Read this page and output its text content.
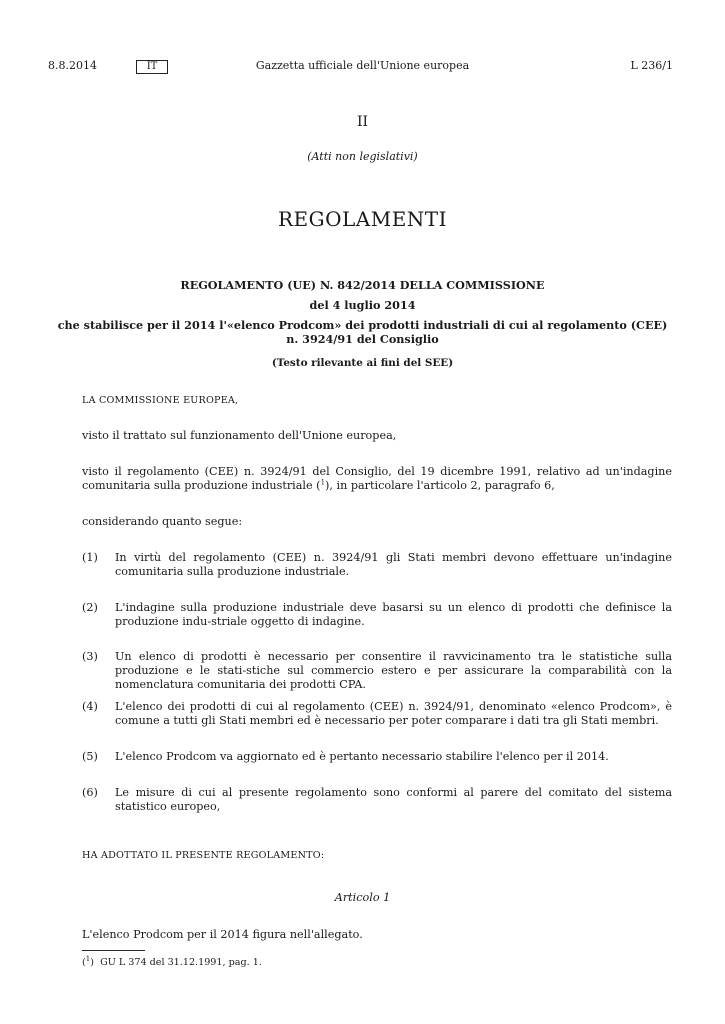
8.8.2014	IT	Gazzetta ufficiale dell'Unione europea	L 236/1
II
(Atti non legislativi)
REGOLAMENTI
REGOLAMENTO (UE) N. 842/2014 DELLA COMMISSIONE
del 4 luglio 2014
che stabilisce per il 2014 l'«elenco Prodcom» dei prodotti industriali di cui al regolamento (CEE)
n. 3924/91 del Consiglio
(Testo rilevante ai fini del SEE)
LA COMMISSIONE EUROPEA,
visto il trattato sul funzionamento dell'Unione europea,
visto il regolamento (CEE) n. 3924/91 del Consiglio, del 19 dicembre 1991, relativo ad un'indagine comunitaria sulla produzione industriale ($^1$), in particolare l'articolo 2, paragrafo 6,
considerando quanto segue:
(1) In virtù del regolamento (CEE) n. 3924/91 gli Stati membri devono effettuare un'indagine comunitaria sulla produzione industriale.
(2) L'indagine sulla produzione industriale deve basarsi su un elenco di prodotti che definisce la produzione indu-striale oggetto di indagine.
(3) Un elenco di prodotti è necessario per consentire il ravvicinamento tra le statistiche sulla produzione e le stati-stiche sul commercio estero e per assicurare la comparabilità con la nomenclatura comunitaria dei prodotti CPA.
(4) L'elenco dei prodotti di cui al regolamento (CEE) n. 3924/91, denominato «elenco Prodcom», è comune a tutti gli Stati membri ed è necessario per poter comparare i dati tra gli Stati membri.
(5) L'elenco Prodcom va aggiornato ed è pertanto necessario stabilire l'elenco per il 2014.
(6) Le misure di cui al presente regolamento sono conformi al parere del comitato del sistema statistico europeo,
HA ADOTTATO IL PRESENTE REGOLAMENTO:
Articolo 1
L'elenco Prodcom per il 2014 figura nell'allegato.
($^1$)  GU L 374 del 31.12.1991, pag. 1.
